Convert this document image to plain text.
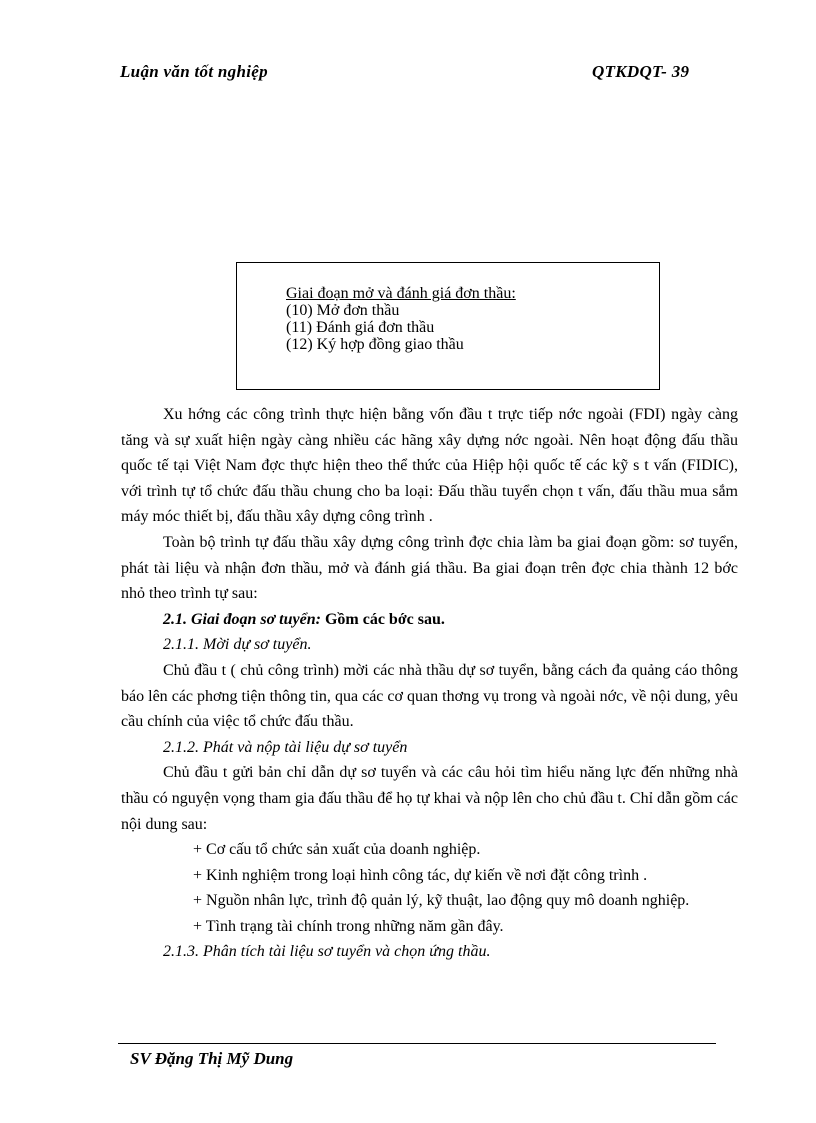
Luận văn tốt nghiệp	QTKDQT- 39
Giai đoạn mở và đánh giá đơn thầu:
(10) Mở đơn thầu
(11) Đánh giá đơn thầu
(12) Ký hợp đồng giao thầu

Xu hớng các công trình thực hiện bằng vốn đầu t trực tiếp nớc ngoài (FDI) ngày càng tăng và sự xuất hiện ngày càng nhiều các hãng xây dựng nớc ngoài. Nên hoạt động đấu thầu quốc tế tại Việt Nam đợc thực hiện theo thể thức của Hiệp hội quốc tế các kỹ s t vấn (FIDIC), với trình tự tổ chức đấu thầu chung cho ba loại: Đấu thầu tuyển chọn t vấn, đấu thầu mua sắm máy móc thiết bị, đấu thầu xây dựng công trình .

Toàn bộ trình tự đấu thầu xây dựng công trình đợc chia làm ba giai đoạn gồm: sơ tuyển, phát tài liệu và nhận đơn thầu, mở và đánh giá thầu. Ba giai đoạn trên đợc chia thành 12 bớc nhỏ theo trình tự sau:

2.1. Giai đoạn sơ tuyển: Gồm các bớc sau.

2.1.1. Mời dự sơ tuyển.

Chủ đầu t ( chủ công trình) mời các nhà thầu dự sơ tuyển, bằng cách đa quảng cáo thông báo lên các phơng tiện thông tin, qua các cơ quan thơng vụ trong và ngoài nớc, về nội dung, yêu cầu chính của việc tổ chức đấu thầu.

2.1.2. Phát và nộp tài liệu dự sơ tuyển

Chủ đầu t gửi bản chỉ dẫn dự sơ tuyển và các câu hỏi tìm hiểu năng lực đến những nhà thầu có nguyện vọng tham gia đấu thầu để họ tự khai và nộp lên cho chủ đầu t. Chỉ dẫn gồm các nội dung sau:

+ Cơ cấu tổ chức sản xuất của doanh nghiệp.

+ Kinh nghiệm trong loại hình công tác, dự kiến về nơi đặt công trình .

+ Nguồn nhân lực, trình độ quản lý, kỹ thuật, lao động quy mô doanh nghiệp.

+ Tình trạng tài chính trong những năm gần đây.

2.1.3. Phân tích tài liệu sơ tuyển và chọn ứng thầu.

SV Đặng Thị Mỹ Dung
